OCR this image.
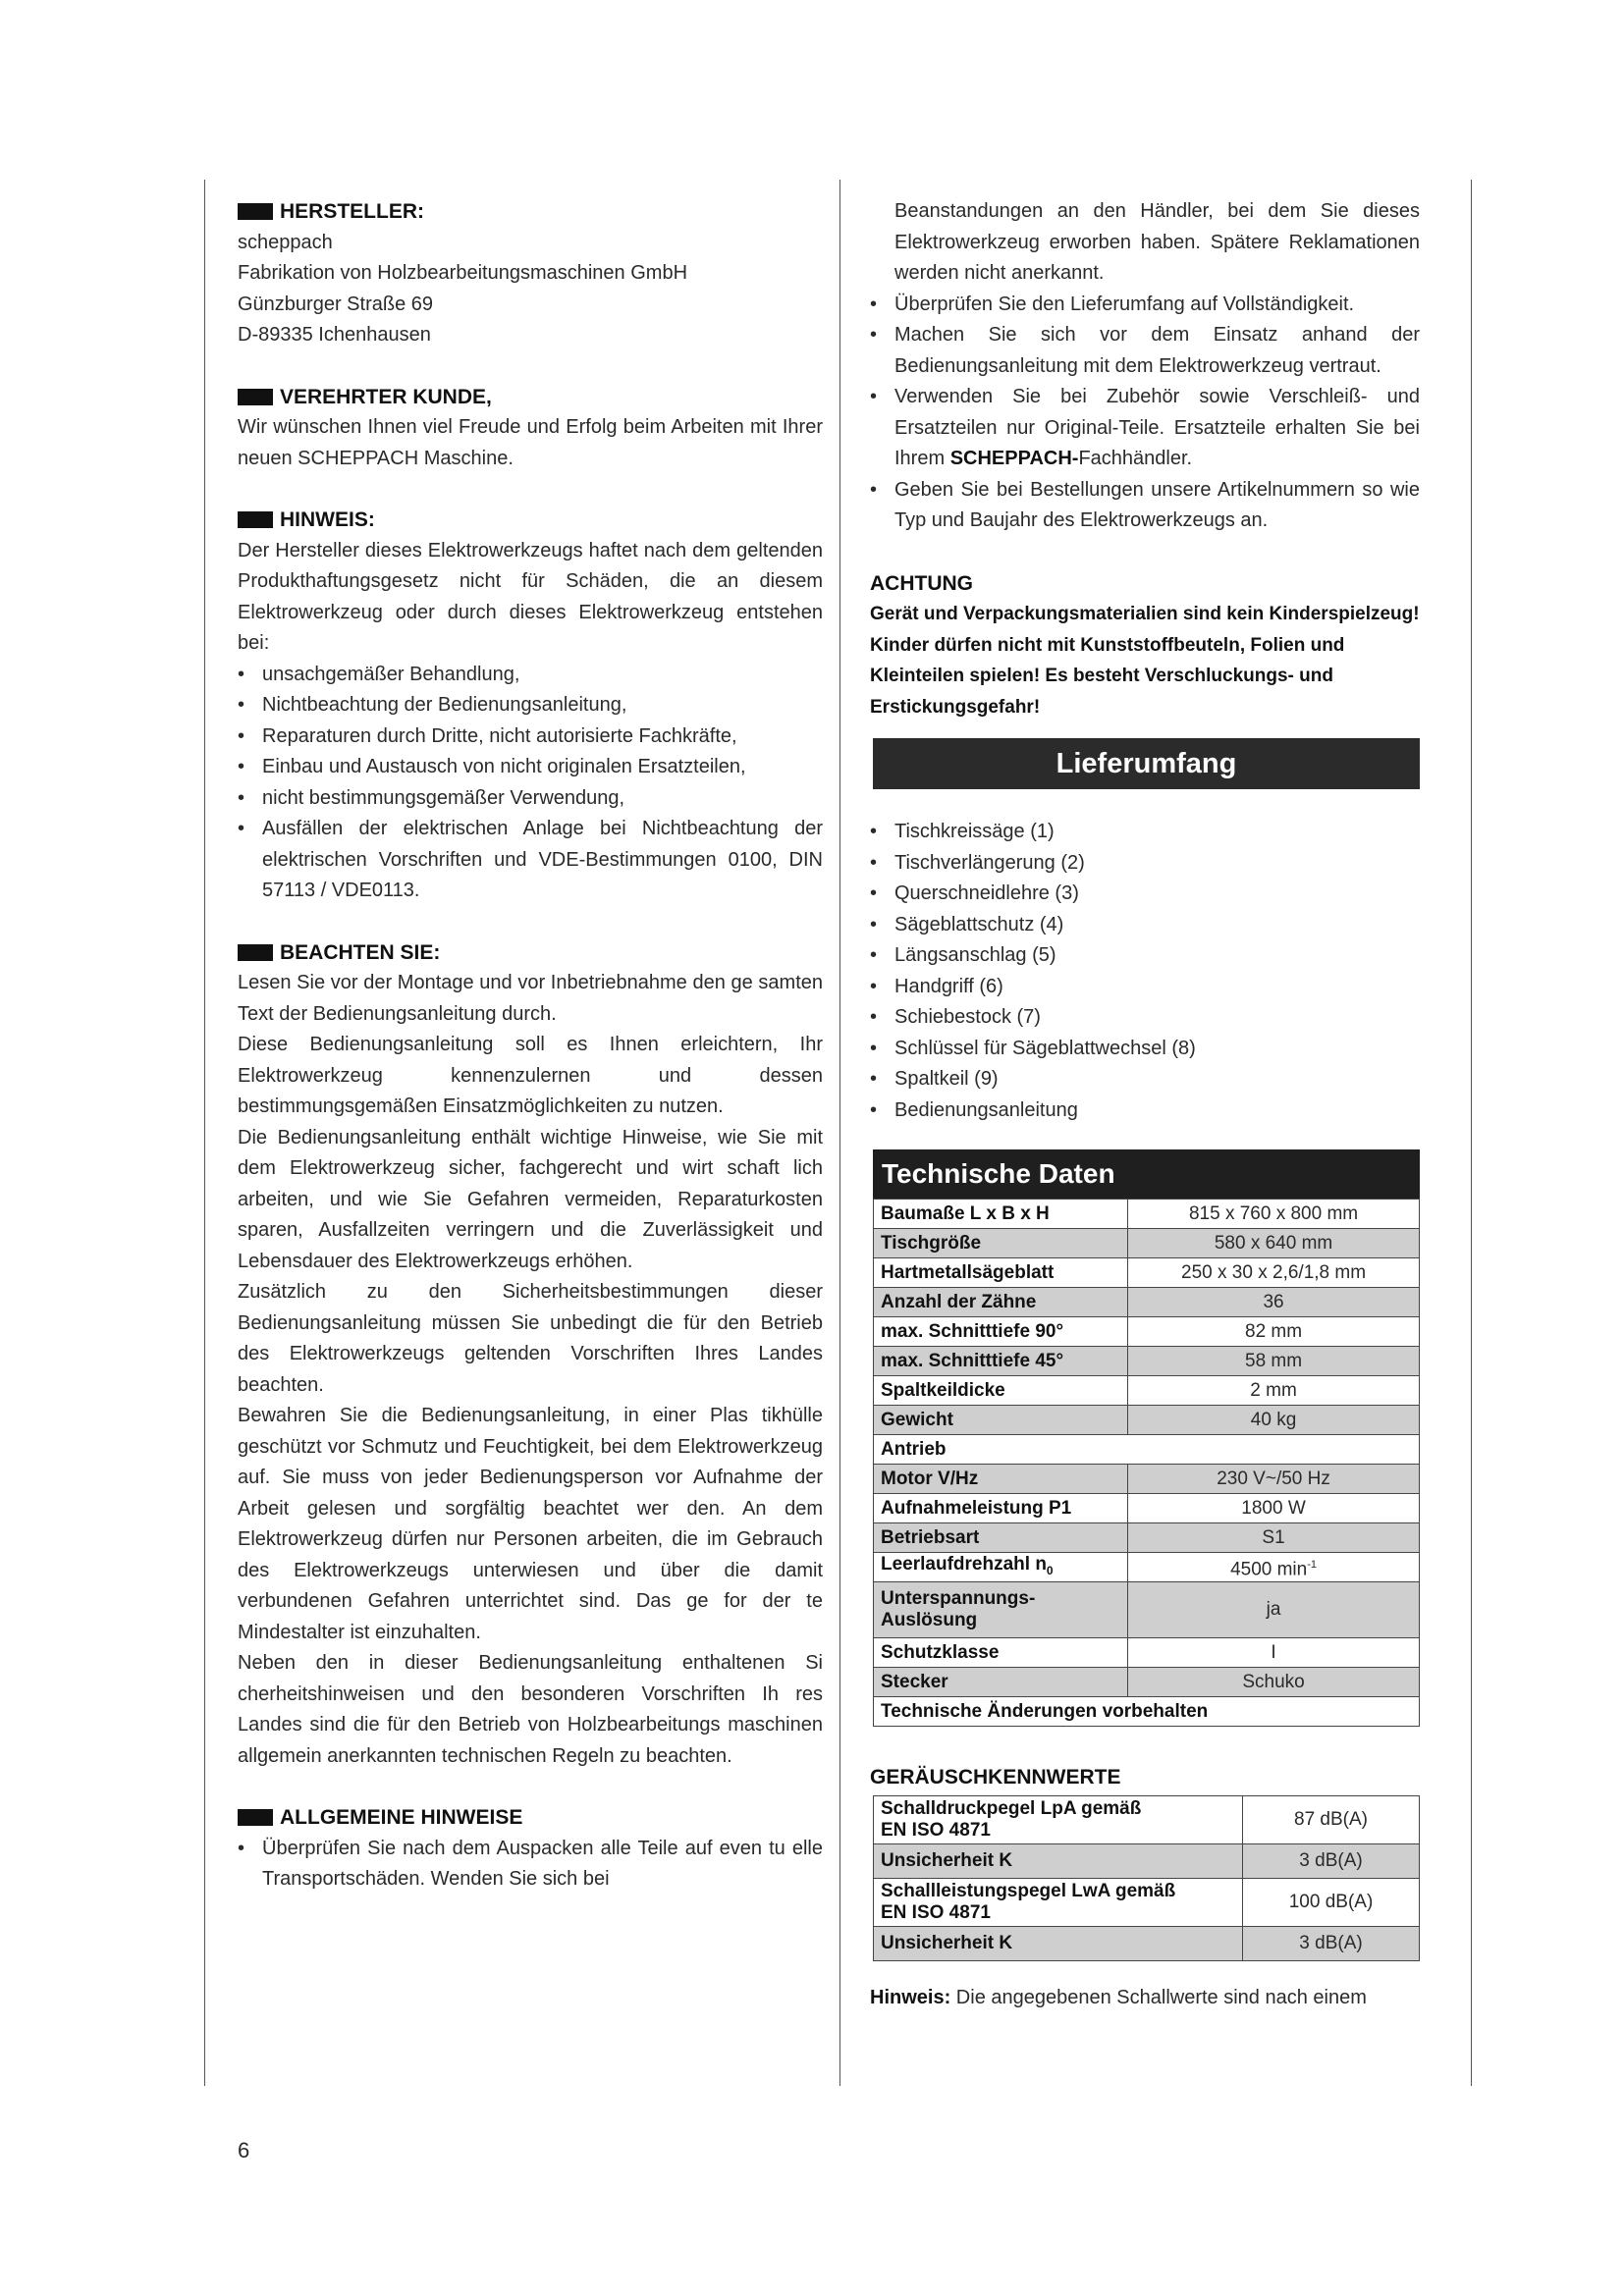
HERSTELLER:
scheppach
Fabrikation von Holzbearbeitungsmaschinen GmbH
Günzburger Straße 69
D-89335 Ichenhausen
VEREHRTER KUNDE,

Wir wünschen Ihnen viel Freude und Erfolg beim Arbeiten mit Ihrer neuen SCHEPPACH Maschine.

HINWEIS:

Der Hersteller dieses Elektrowerkzeugs haftet nach dem geltenden Produkthaftungsgesetz nicht für Schäden, die an diesem Elektrowerkzeug oder durch dieses Elektrowerkzeug entstehen bei:

• unsachgemäßer Behandlung,
• Nichtbeachtung der Bedienungsanleitung,
• Reparaturen durch Dritte, nicht autorisierte Fachkräfte,
• Einbau und Austausch von nicht originalen Ersatzteilen,
• nicht bestimmungsgemäßer Verwendung,
• Ausfällen der elektrischen Anlage bei Nichtbeachtung der elektrischen Vorschriften und VDE-Bestimmungen 0100, DIN 57113 / VDE0113.
BEACHTEN SIE:

Lesen Sie vor der Montage und vor Inbetriebnahme den ge samten Text der Bedienungsanleitung durch.

Diese Bedienungsanleitung soll es Ihnen erleichtern, Ihr Elektrowerkzeug kennenzulernen und dessen bestimmungsgemäßen Einsatzmöglichkeiten zu nutzen.

Die Bedienungsanleitung enthält wichtige Hinweise, wie Sie mit dem Elektrowerkzeug sicher, fachgerecht und wirt schaft lich arbeiten, und wie Sie Gefahren vermeiden, Reparaturkosten sparen, Ausfallzeiten verringern und die Zuverlässigkeit und Lebensdauer des Elektrowerkzeugs erhöhen.

Zusätzlich zu den Sicherheitsbestimmungen dieser Bedienungsanleitung müssen Sie unbedingt die für den Betrieb des Elektrowerkzeugs geltenden Vorschriften Ihres Landes beachten.

Bewahren Sie die Bedienungsanleitung, in einer Plas tikhülle geschützt vor Schmutz und Feuchtigkeit, bei dem Elektrowerkzeug auf. Sie muss von jeder Bedienungsperson vor Aufnahme der Arbeit gelesen und sorgfältig beachtet wer den. An dem Elektrowerkzeug dürfen nur Personen arbeiten, die im Gebrauch des Elektrowerkzeugs unterwiesen und über die damit verbundenen Gefahren unterrichtet sind. Das ge for der te Mindestalter ist einzuhalten.

Neben den in dieser Bedienungsanleitung enthaltenen Si cherheitshinweisen und den besonderen Vorschriften Ih res Landes sind die für den Betrieb von Holzbearbeitungs maschinen allgemein anerkannten technischen Regeln zu beachten.

ALLGEMEINE HINWEISE
• Überprüfen Sie nach dem Auspacken alle Teile auf even tu elle Transportschäden. Wenden Sie sich bei

Beanstandungen an den Händler, bei dem Sie dieses Elektrowerkzeug erworben haben. Spätere Reklamationen werden nicht anerkannt.

• Überprüfen Sie den Lieferumfang auf Vollständigkeit.
• Machen Sie sich vor dem Einsatz anhand der Bedienungsanleitung mit dem Elektrowerkzeug vertraut.
• Verwenden Sie bei Zubehör sowie Verschleiß- und Ersatzteilen nur Original-Teile. Ersatzteile erhalten Sie bei Ihrem SCHEPPACH-Fachhändler.
• Geben Sie bei Bestellungen unsere Artikelnummern so wie Typ und Baujahr des Elektrowerkzeugs an.
ACHTUNG
Gerät und Verpackungsmaterialien sind kein Kinderspielzeug! Kinder dürfen nicht mit Kunststoffbeuteln, Folien und Kleinteilen spielen! Es besteht Verschluckungs- und Erstickungsgefahr!
Lieferumfang
• Tischkreissäge (1)
• Tischverlängerung (2)
• Querschneidlehre (3)
• Sägeblattschutz (4)
• Längsanschlag (5)
• Handgriff (6)
• Schiebestock (7)
• Schlüssel für Sägeblattwechsel (8)
• Spaltkeil (9)
• Bedienungsanleitung
Technische Daten
Baumaße L x B x H	815 x 760 x 800 mm
Tischgröße	580 x 640 mm
Hartmetallsägeblatt	250 x 30 x 2,6/1,8 mm
Anzahl der Zähne	36
max. Schnitttiefe 90°	82 mm
max. Schnitttiefe 45°	58 mm
Spaltkeildicke	2 mm
Gewicht	40 kg
Antrieb	
Motor V/Hz	230 V~/50 Hz
Aufnahmeleistung P1	1800 W
Betriebsart	S1
Leerlaufdrehzahl $n_0$	4500 $\min^{-1}$
Unterspannungs-Auslösung	ja
Schutzklasse	I
Stecker	Schuko
Technische Änderungen vorbehalten	
GERÄUSCHKENNWERTE
Schalldruckpegel LpA gemäß
EN ISO 4871	87 dB(A)
Unsicherheit K	3 dB(A)

Schallleistungspegel LwA gemäß
EN ISO 4871	100 dB(A)
Unsicherheit K	3 dB(A)
Hinweis: Die angegebenen Schallwerte sind nach einem
6
